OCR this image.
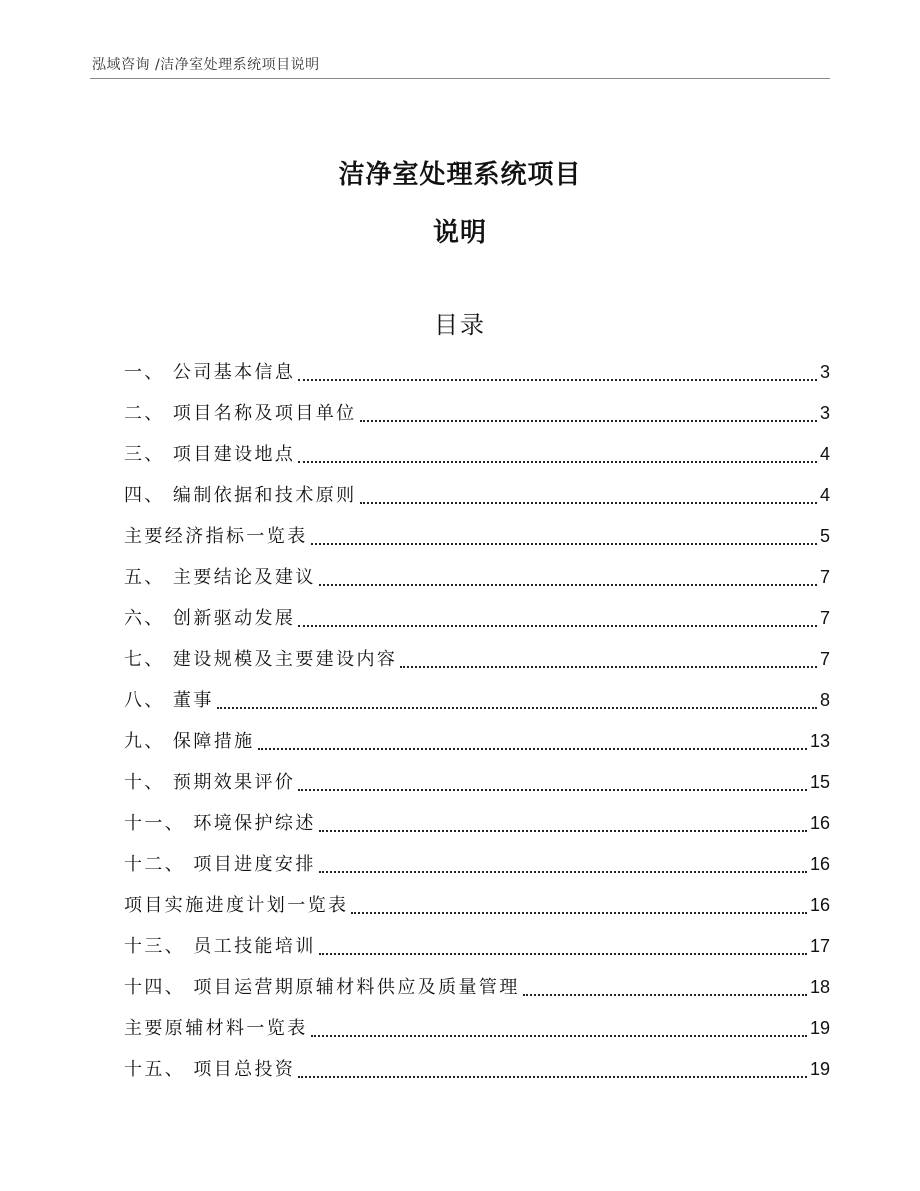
泓域咨询 /洁净室处理系统项目说明
洁净室处理系统项目
说明
目录
一、 公司基本信息	3
二、 项目名称及项目单位	3
三、 项目建设地点	4
四、 编制依据和技术原则	4
主要经济指标一览表	5
五、 主要结论及建议	7
六、 创新驱动发展	7
七、 建设规模及主要建设内容	7
八、 董事	8
九、 保障措施	13
十、 预期效果评价	15
十一、 环境保护综述	16
十二、 项目进度安排	16
项目实施进度计划一览表	16
十三、 员工技能培训	17
十四、 项目运营期原辅材料供应及质量管理	18
主要原辅材料一览表	19
十五、 项目总投资	19
